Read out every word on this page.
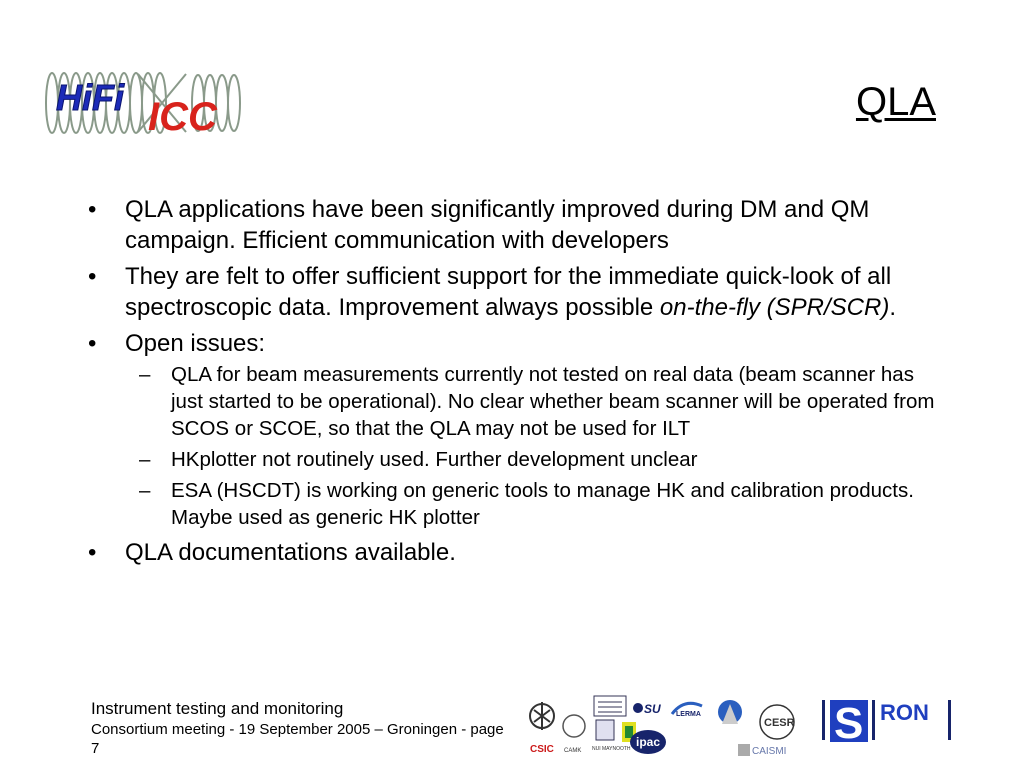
HiFi ICC	QLA

• QLA applications have been significantly improved during DM and QM campaign. Efficient communication with developers

• They are felt to offer sufficient support for the immediate quick-look of all spectroscopic data. Improvement always possible on-the-fly (SPR/SCR).

• Open issues:

– QLA for beam measurements currently not tested on real data (beam scanner has just started to be operational). No clear whether beam scanner will be operated from SCOS or SCOE, so that the QLA may not be used for ILT

– HKplotter not routinely used. Further development unclear

– ESA (HSCDT) is working on generic tools to manage HK and calibration products. Maybe used as generic HK plotter

• QLA documentations available.

Instrument testing and monitoring
Consortium meeting - 19 September 2005 – Groningen - page 7	CSIC CAMK NUI MAYNOOTH ipac
SU LERMA
CESR
CAISMI
S RON
